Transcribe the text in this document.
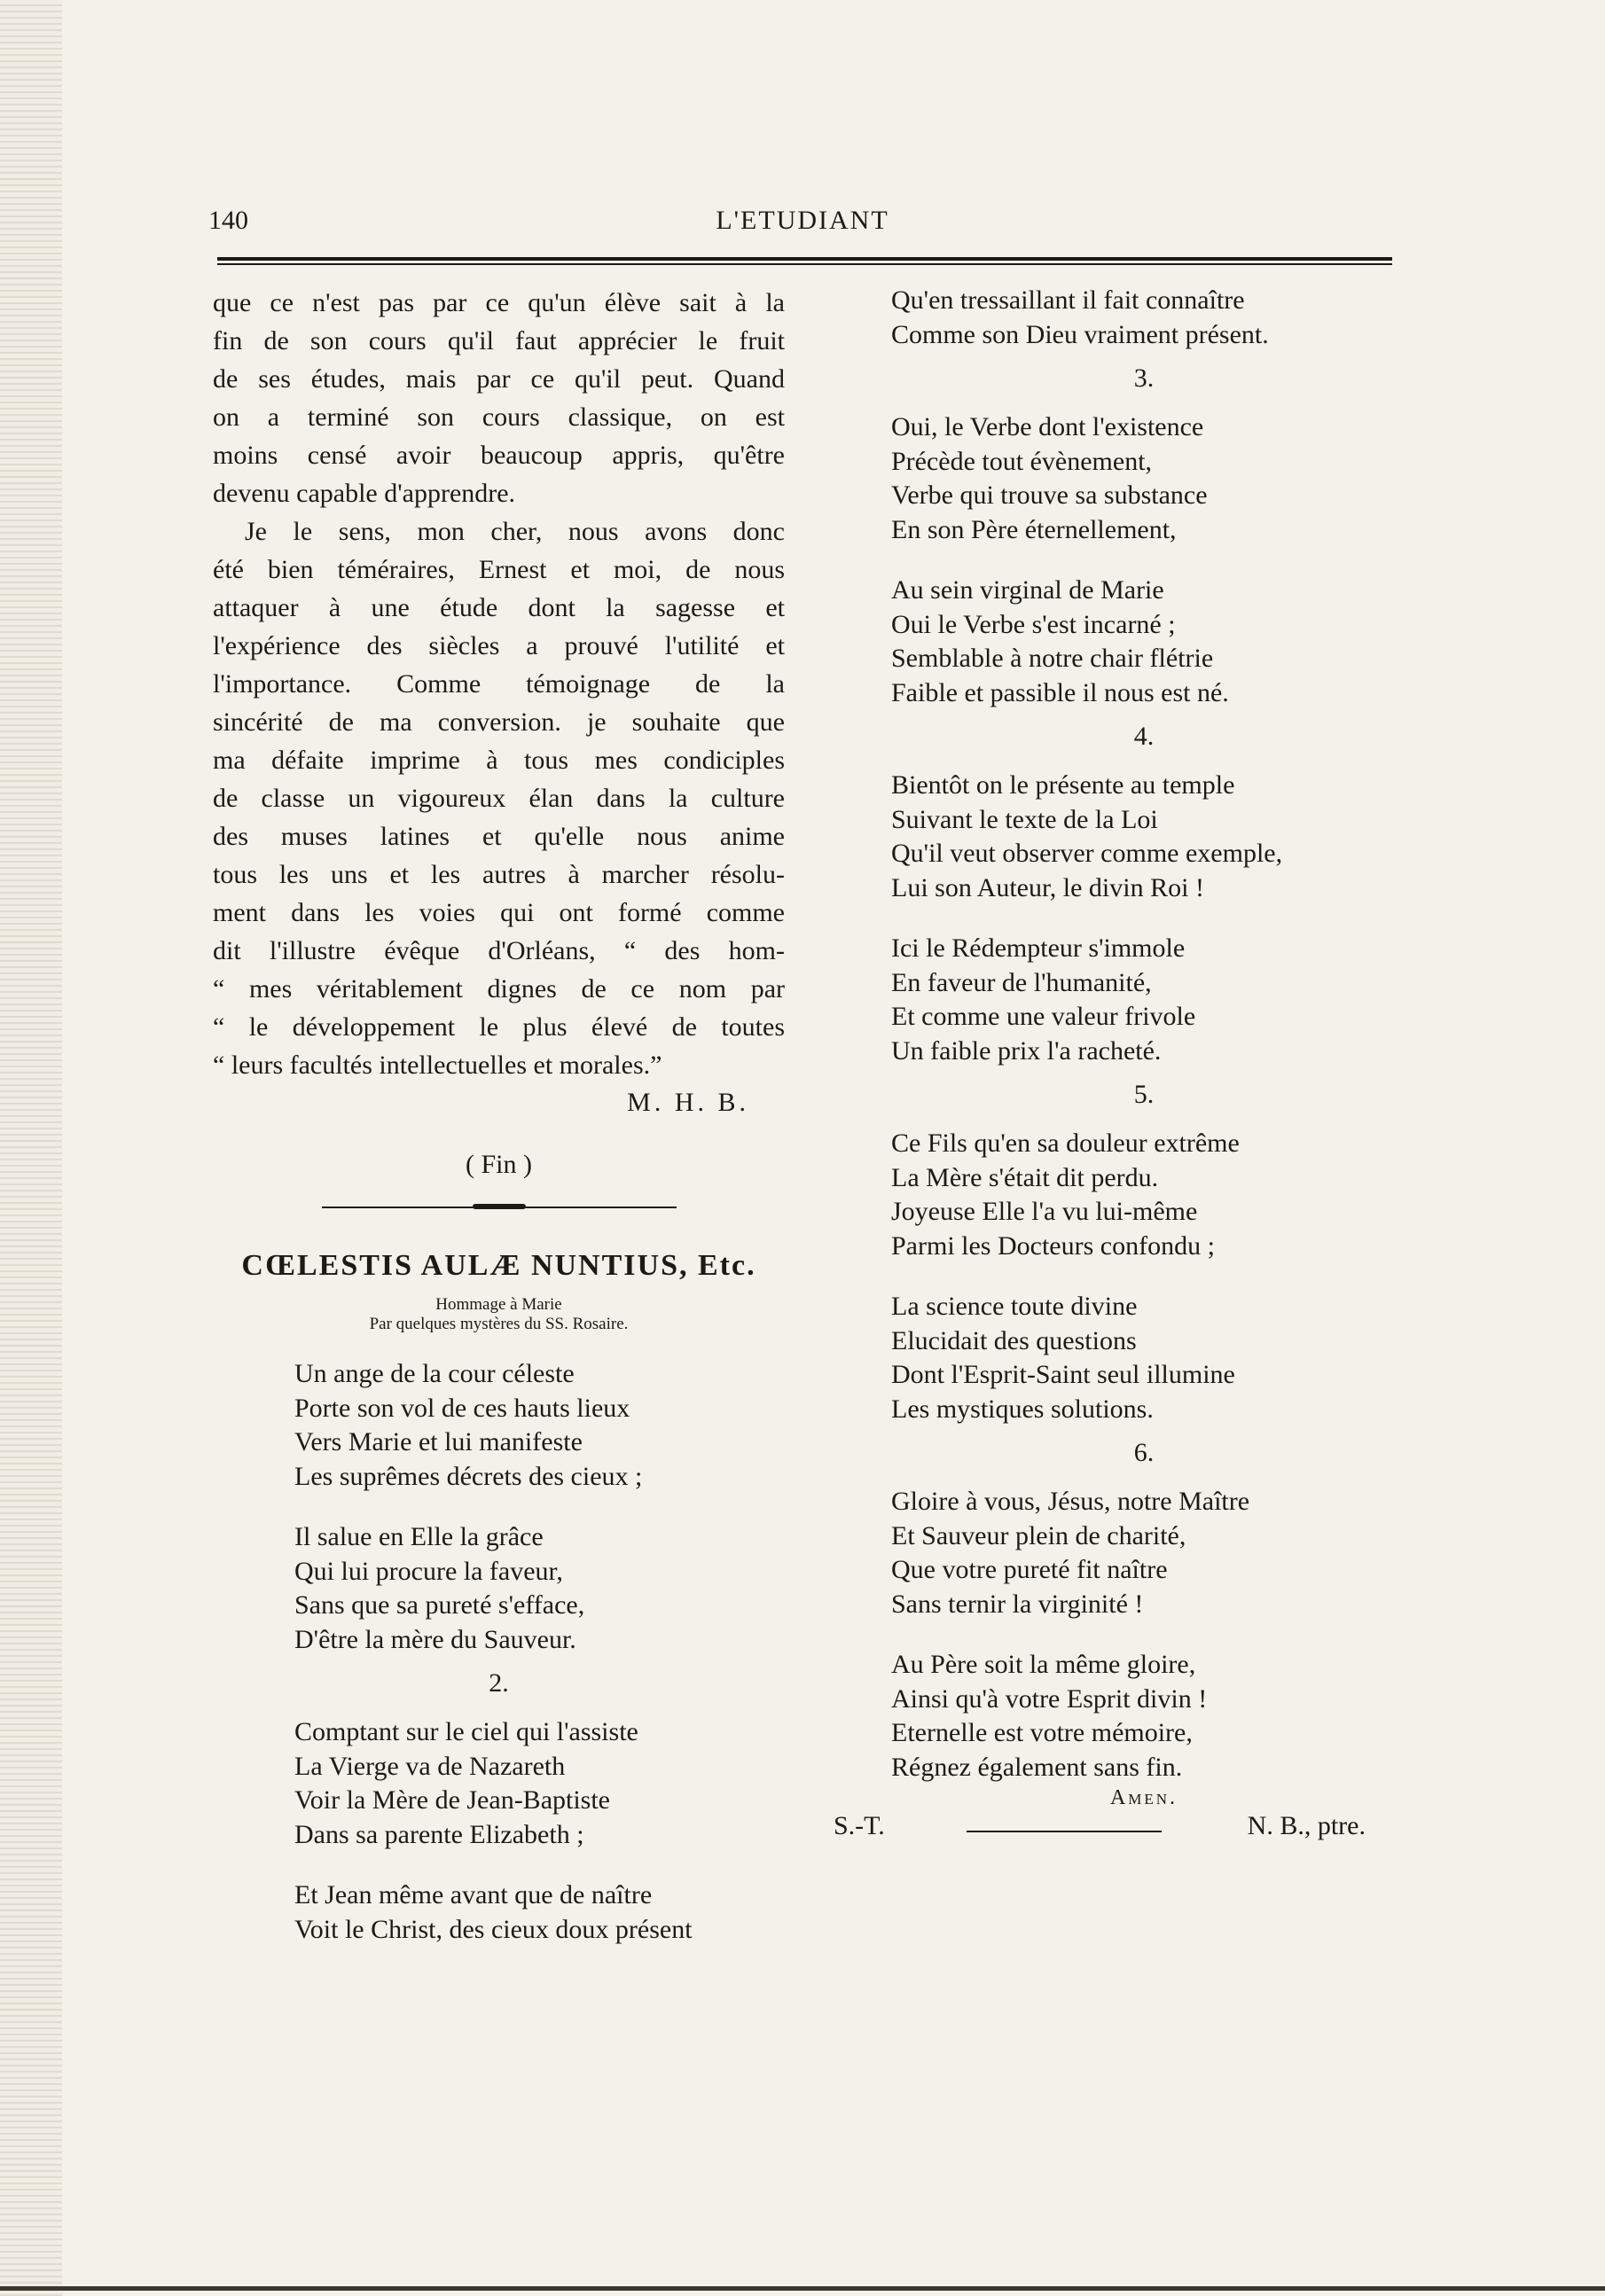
140	L'ETUDIANT

que ce n'est pas par ce qu'un élève sait à la
fin de son cours qu'il faut apprécier le fruit
de ses études, mais par ce qu'il peut. Quand
on a terminé son cours classique, on est
moins censé avoir beaucoup appris, qu'être
devenu capable d'apprendre.

Je le sens, mon cher, nous avons donc
été bien téméraires, Ernest et moi, de nous
attaquer à une étude dont la sagesse et
l'expérience des siècles a prouvé l'utilité et
l'importance. Comme témoignage de la
sincérité de ma conversion. je souhaite que
ma défaite imprime à tous mes condiciples
de classe un vigoureux élan dans la culture
des muses latines et qu'elle nous anime
tous les uns et les autres à marcher résolu-
ment dans les voies qui ont formé comme
dit l'illustre évêque d'Orléans, “ des hom-
“ mes véritablement dignes de ce nom par
“ le développement le plus élevé de toutes
“ leurs facultés intellectuelles et morales.”

M. H. B.
( Fin )
CŒLESTIS AULÆ NUNTIUS, Etc.
Hommage à Marie
Par quelques mystères du SS. Rosaire.
Un ange de la cour céleste
Porte son vol de ces hauts lieux
Vers Marie et lui manifeste
Les suprêmes décrets des cieux ;
Il salue en Elle la grâce
Qui lui procure la faveur,
Sans que sa pureté s'efface,
D'être la mère du Sauveur.
2.
Comptant sur le ciel qui l'assiste
La Vierge va de Nazareth
Voir la Mère de Jean-Baptiste
Dans sa parente Elizabeth ;
Et Jean même avant que de naître
Voit le Christ, des cieux doux présent
Qu'en tressaillant il fait connaître
Comme son Dieu vraiment présent.
3.
Oui, le Verbe dont l'existence
Précède tout évènement,
Verbe qui trouve sa substance
En son Père éternellement,
Au sein virginal de Marie
Oui le Verbe s'est incarné ;
Semblable à notre chair flétrie
Faible et passible il nous est né.
4.
Bientôt on le présente au temple
Suivant le texte de la Loi
Qu'il veut observer comme exemple,
Lui son Auteur, le divin Roi !
Ici le Rédempteur s'immole
En faveur de l'humanité,
Et comme une valeur frivole
Un faible prix l'a racheté.
5.
Ce Fils qu'en sa douleur extrême
La Mère s'était dit perdu.
Joyeuse Elle l'a vu lui-même
Parmi les Docteurs confondu ;
La science toute divine
Elucidait des questions
Dont l'Esprit-Saint seul illumine
Les mystiques solutions.
6.
Gloire à vous, Jésus, notre Maître
Et Sauveur plein de charité,
Que votre pureté fit naître
Sans ternir la virginité !
Au Père soit la même gloire,
Ainsi qu'à votre Esprit divin !
Eternelle est votre mémoire,
Régnez également sans fin.
Amen.
S.-T.	N. B., ptre.
